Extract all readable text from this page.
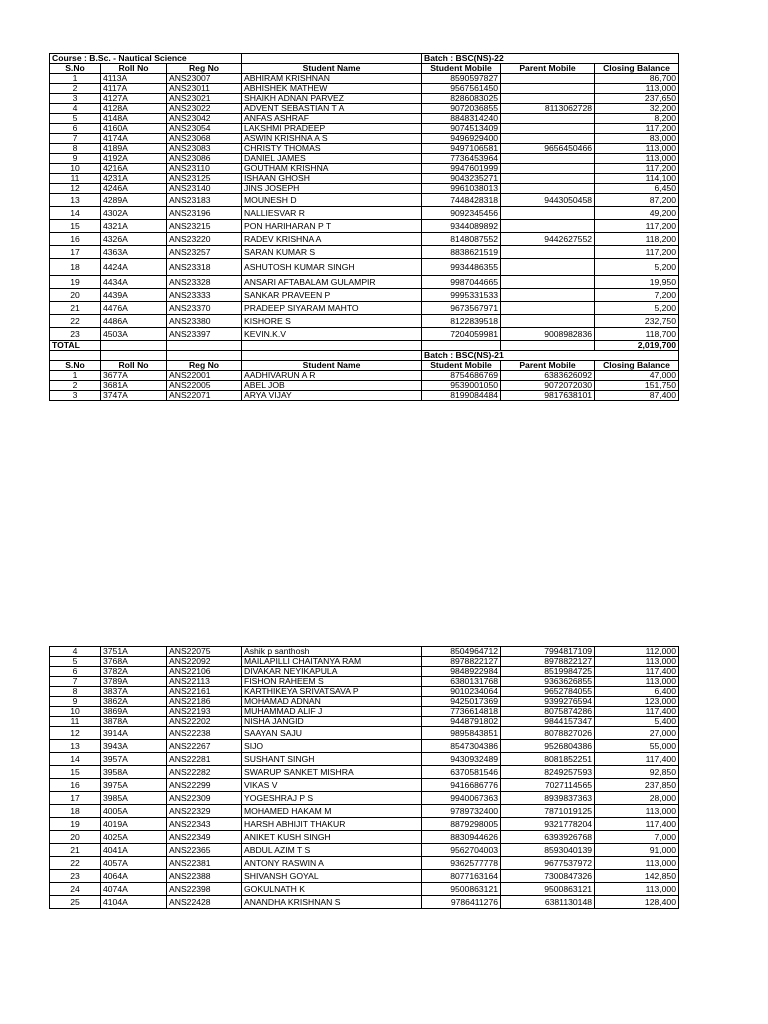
Course : B.Sc. - Nautical Science				Batch : BSC(NS)-22		
S.No	Roll No	Reg No	Student Name	Student Mobile	Parent Mobile	Closing Balance
1	4113A	ANS23007	ABHIRAM KRISHNAN	8590597827		86,700
2	4117A	ANS23011	ABHISHEK MATHEW	9567561450		113,000
3	4127A	ANS23021	SHAIKH ADNAN PARVEZ	8286083025		237,650
4	4128A	ANS23022	ADVENT SEBASTIAN T A	9072036855	8113062728	32,200
5	4148A	ANS23042	ANFAS ASHRAF	8848314240		8,200
6	4160A	ANS23054	LAKSHMI PRADEEP	9074513409		117,200
7	4174A	ANS23068	ASWIN KRISHNA A S	9496929400		83,000
8	4189A	ANS23083	CHRISTY THOMAS	9497106581	9656450466	113,000
9	4192A	ANS23086	DANIEL JAMES	7736453964		113,000
10	4216A	ANS23110	GOUTHAM KRISHNA	9947601999		117,200
11	4231A	ANS23125	ISHAAN GHOSH	9043235271		114,100
12	4246A	ANS23140	JINS JOSEPH	9961038013		6,450
13	4289A	ANS23183	MOUNESH D	7448428318	9443050458	87,200
14	4302A	ANS23196	NALLIESVAR R	9092345456		49,200
15	4321A	ANS23215	PON HARIHARAN P T	9344089892		117,200
16	4326A	ANS23220	RADEV KRISHNA A	8148087552	9442627552	118,200
17	4363A	ANS23257	SARAN KUMAR S	8838621519		117,200
18	4424A	ANS23318	ASHUTOSH KUMAR SINGH	9934486355		5,200
19	4434A	ANS23328	ANSARI AFTABALAM GULAMPIR	9987044665		19,950
20	4439A	ANS23333	SANKAR PRAVEEN P	9995331533		7,200
21	4476A	ANS23370	PRADEEP SIYARAM MAHTO	9673567971		5,200
22	4486A	ANS23380	KISHORE S	8122839518		232,750
23	4503A	ANS23397	KEVIN.K.V	7204059981	9008982836	118,700
TOTAL						2,019,700
				Batch : BSC(NS)-21		
S.No	Roll No	Reg No	Student Name	Student Mobile	Parent Mobile	Closing Balance
1	3677A	ANS22001	AADHIVARUN A R	8754686769	6383626092	47,000
2	3681A	ANS22005	ABEL JOB	9539001050	9072072030	151,750
3	3747A	ANS22071	ARYA VIJAY	8199084484	9817638101	87,400
4	3751A	ANS22075	Ashik p santhosh	8504964712	7994817109	112,000
5	3768A	ANS22092	MAILAPILLI CHAITANYA RAM	8978822127	8978822127	113,000
6	3782A	ANS22106	DIVAKAR NEYIKAPULA	9848922984	8519984725	117,400
7	3789A	ANS22113	FISHON RAHEEM S	6380131768	9363626855	113,000
8	3837A	ANS22161	KARTHIKEYA SRIVATSAVA P	9010234064	9652784055	6,400
9	3862A	ANS22186	MOHAMAD ADNAN	9425017369	9399276594	123,000
10	3869A	ANS22193	MUHAMMAD ALIF J	7736614818	8075874286	117,400
11	3878A	ANS22202	NISHA JANGID	9448791802	9844157347	5,400
12	3914A	ANS22238	SAAYAN SAJU	9895843851	8078827026	27,000
13	3943A	ANS22267	SIJO	8547304386	9526804386	55,000
14	3957A	ANS22281	SUSHANT SINGH	9430932489	8081852251	117,400
15	3958A	ANS22282	SWARUP SANKET MISHRA	6370581546	8249257593	92,850
16	3975A	ANS22299	VIKAS V	9416686776	7027114565	237,850
17	3985A	ANS22309	YOGESHRAJ P S	9940067363	8939837363	28,000
18	4005A	ANS22329	MOHAMED HAKAM M	9789732400	7871019125	113,000
19	4019A	ANS22343	HARSH ABHIJIT THAKUR	8879298005	9321778204	117,400
20	4025A	ANS22349	ANIKET KUSH SINGH	8830944626	6393926768	7,000
21	4041A	ANS22365	ABDUL AZIM T S	9562704003	8593040139	91,000
22	4057A	ANS22381	ANTONY RASWIN A	9362577778	9677537972	113,000
23	4064A	ANS22388	SHIVANSH GOYAL	8077163164	7300847326	142,850
24	4074A	ANS22398	GOKULNATH K	9500863121	9500863121	113,000
25	4104A	ANS22428	ANANDHA KRISHNAN S	9786411276	6381130148	128,400
